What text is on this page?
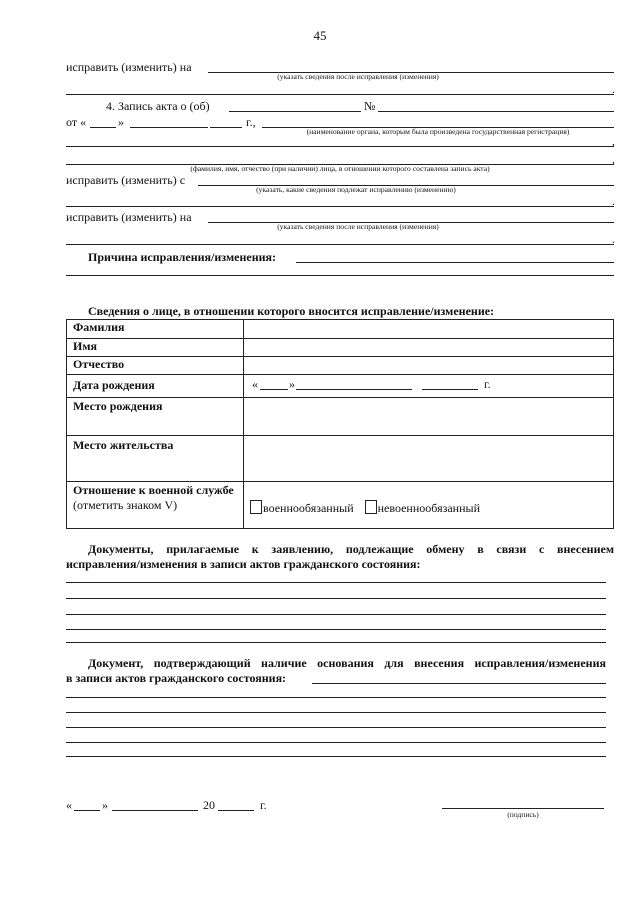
45
исправить (изменить) на
(указать сведения после исправления (изменения)
.
4. Запись акта о (об)	№
от «	»	г.,
(наименование органа, которым была произведена государственная регистрация)
,
,
(фамилия, имя, отчество (при наличии) лица, в отношении которого составлена запись акта)
исправить (изменить) с
(указать, какие сведения подлежат исправлению (изменению)
.
исправить (изменить) на
(указать сведения после исправления (изменения)
.
Причина исправления/изменения:
Сведения о лице, в отношении которого вносится исправление/изменение:
Фамилия	
Имя	
Отчество	
Дата рождения	« » г.

Место рождения	
Место жительства	
Отношение к военной службе
(отметить знаком V)	военнообязанный невоеннообязанный
Документы, прилагаемые к заявлению, подлежащие обмену в связи с внесением
исправления/изменения в записи актов гражданского состояния:
Документ, подтверждающий наличие основания для внесения исправления/изменения
в записи актов гражданского состояния:
«	»	20	г.
(подпись)
